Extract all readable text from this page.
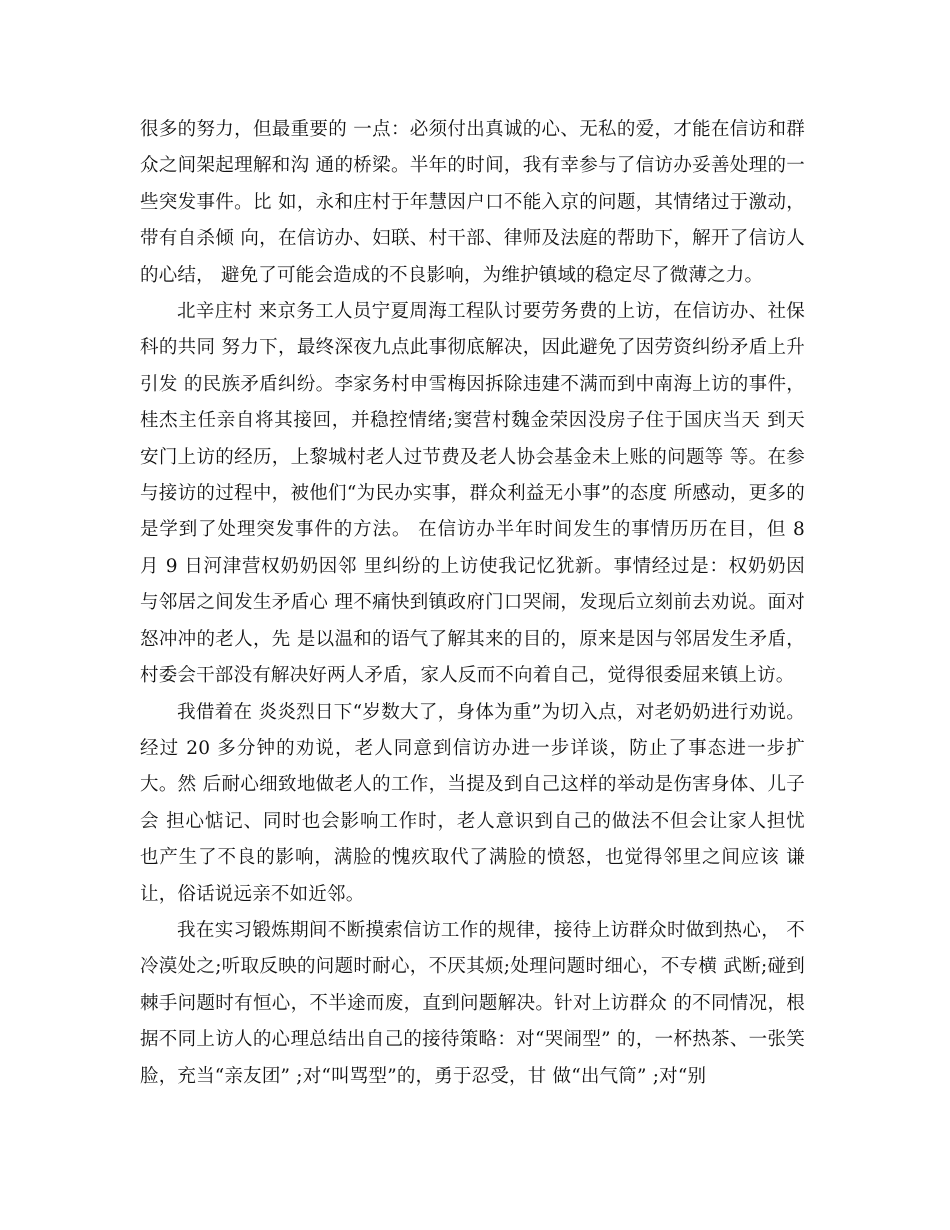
很多的努力，但最重要的 一点：必须付出真诚的心、无私的爱，才能在信访和群众之间架起理解和沟 通的桥梁。半年的时间，我有幸参与了信访办妥善处理的一些突发事件。比 如，永和庄村于年慧因户口不能入京的问题，其情绪过于激动，带有自杀倾 向，在信访办、妇联、村干部、律师及法庭的帮助下，解开了信访人的心结， 避免了可能会造成的不良影响，为维护镇域的稳定尽了微薄之力。

北辛庄村 来京务工人员宁夏周海工程队讨要劳务费的上访，在信访办、社保科的共同 努力下，最终深夜九点此事彻底解决，因此避免了因劳资纠纷矛盾上升引发 的民族矛盾纠纷。李家务村申雪梅因拆除违建不满而到中南海上访的事件，桂杰主任亲自将其接回，并稳控情绪;窦营村魏金荣因没房子住于国庆当天 到天安门上访的经历，上黎城村老人过节费及老人协会基金未上账的问题等 等。在参与接访的过程中，被他们“为民办实事，群众利益无小事”的态度 所感动，更多的是学到了处理突发事件的方法。 在信访办半年时间发生的事情历历在目，但 8 月 9 日河津营权奶奶因邻 里纠纷的上访使我记忆犹新。事情经过是：权奶奶因与邻居之间发生矛盾心 理不痛快到镇政府门口哭闹，发现后立刻前去劝说。面对怒冲冲的老人，先 是以温和的语气了解其来的目的，原来是因与邻居发生矛盾，村委会干部没有解决好两人矛盾，家人反而不向着自己，觉得很委屈来镇上访。

我借着在 炎炎烈日下“岁数大了，身体为重”为切入点，对老奶奶进行劝说。经过 20 多分钟的劝说，老人同意到信访办进一步详谈，防止了事态进一步扩大。然 后耐心细致地做老人的工作，当提及到自己这样的举动是伤害身体、儿子会 担心惦记、同时也会影响工作时，老人意识到自己的做法不但会让家人担忧 也产生了不良的影响，满脸的愧疚取代了满脸的愤怒，也觉得邻里之间应该 谦让，俗话说远亲不如近邻。

我在实习锻炼期间不断摸索信访工作的规律，接待上访群众时做到热心， 不冷漠处之;听取反映的问题时耐心，不厌其烦;处理问题时细心，不专横 武断;碰到棘手问题时有恒心，不半途而废，直到问题解决。针对上访群众 的不同情况，根据不同上访人的心理总结出自己的接待策略：对“哭闹型” 的，一杯热茶、一张笑脸，充当“亲友团” ;对“叫骂型”的，勇于忍受，甘 做“出气筒” ;对“别
